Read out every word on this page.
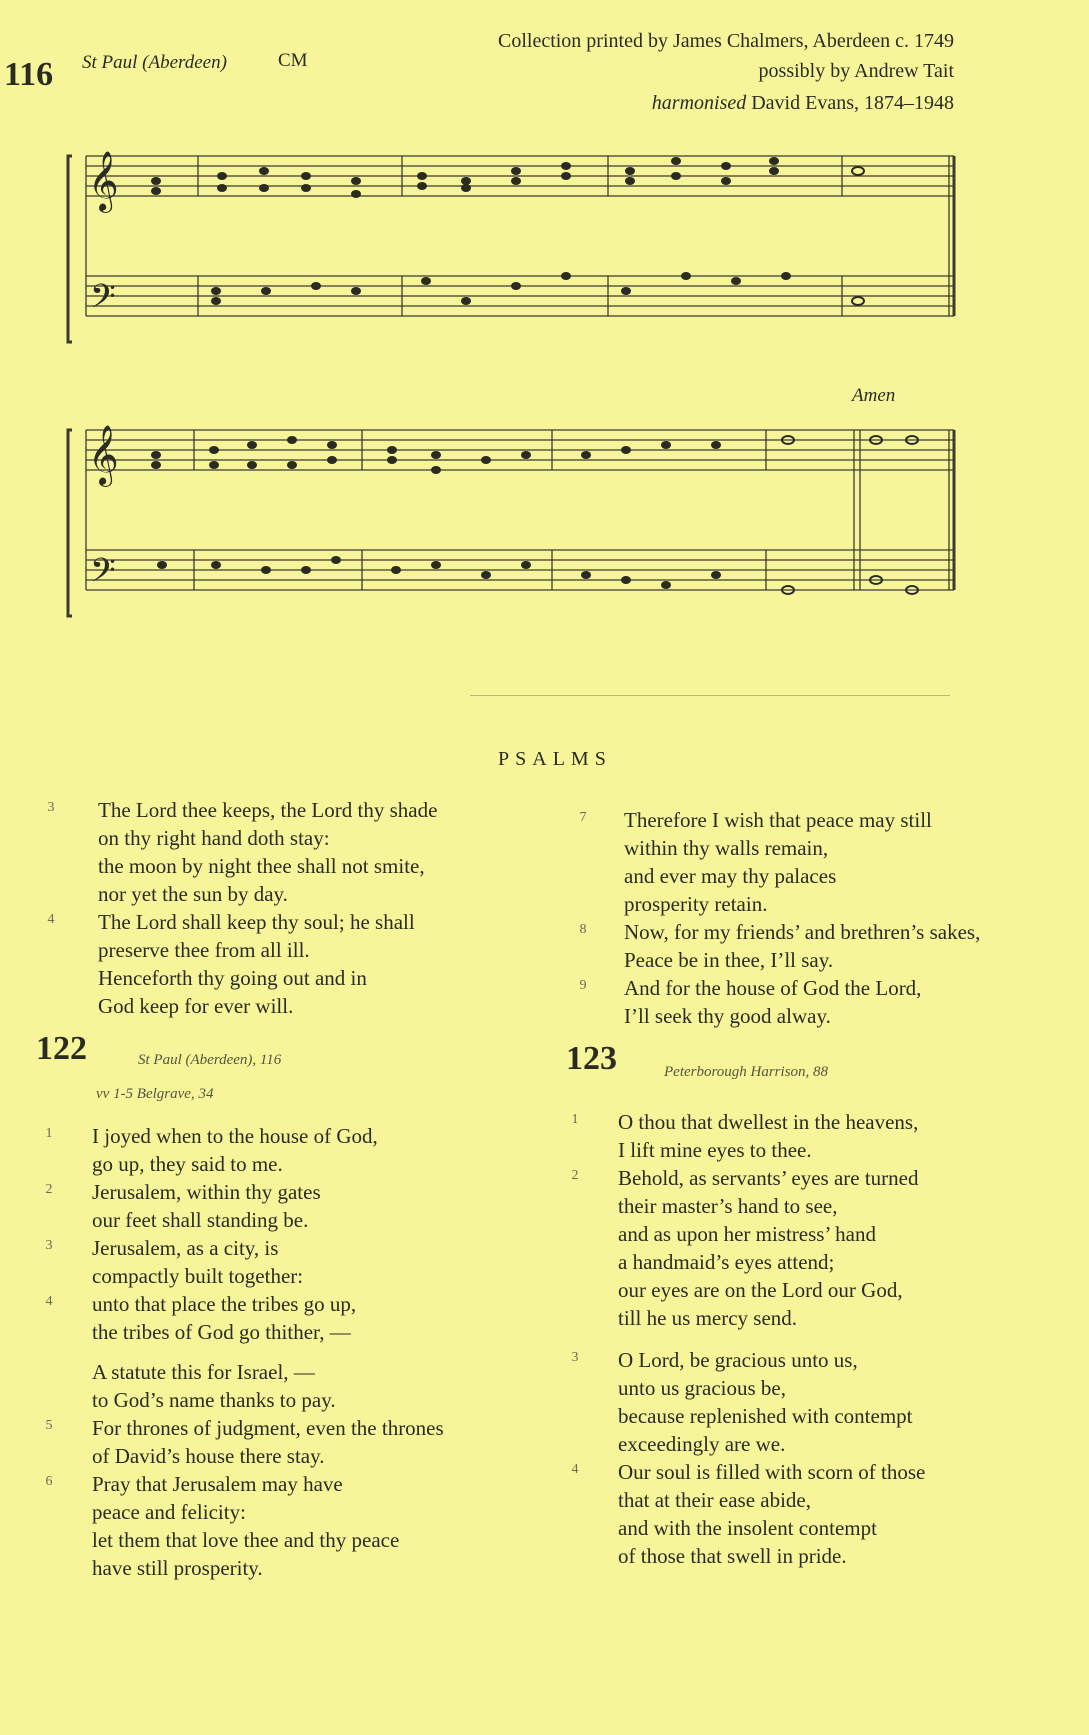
116 St Paul (Aberdeen)	CM
Collection printed by James Chalmers, Aberdeen c. 1749
possibly by Andrew Tait
harmonised David Evans, 1874–1948
𝄞
𝄢
Amen
𝄞
𝄢
PSALMS
3	The Lord thee keeps, the Lord thy shade
on thy right hand doth stay:
the moon by night thee shall not smite,
nor yet the sun by day.
4	The Lord shall keep thy soul; he shall
preserve thee from all ill.
Henceforth thy going out and in
God keep for ever will.
7	Therefore I wish that peace may still
within thy walls remain,
and ever may thy palaces
prosperity retain.
8	Now, for my friends’ and brethren’s sakes,
Peace be in thee, I’ll say.
9	And for the house of God the Lord,
I’ll seek thy good alway.
122	St Paul (Aberdeen), 116
vv 1-5 Belgrave, 34
1	I joyed when to the house of God,
go up, they said to me.
2	Jerusalem, within thy gates
our feet shall standing be.
3	Jerusalem, as a city, is
compactly built together:
4	unto that place the tribes go up,
the tribes of God go thither, —
A statute this for Israel, —
to God’s name thanks to pay.
5	For thrones of judgment, even the thrones
of David’s house there stay.
6	Pray that Jerusalem may have
peace and felicity:
let them that love thee and thy peace
have still prosperity.
123	Peterborough Harrison, 88
1	O thou that dwellest in the heavens,
I lift mine eyes to thee.
2	Behold, as servants’ eyes are turned
their master’s hand to see,
and as upon her mistress’ hand
a handmaid’s eyes attend;
our eyes are on the Lord our God,
till he us mercy send.
3	O Lord, be gracious unto us,
unto us gracious be,
because replenished with contempt
exceedingly are we.
4	Our soul is filled with scorn of those
that at their ease abide,
and with the insolent contempt
of those that swell in pride.
